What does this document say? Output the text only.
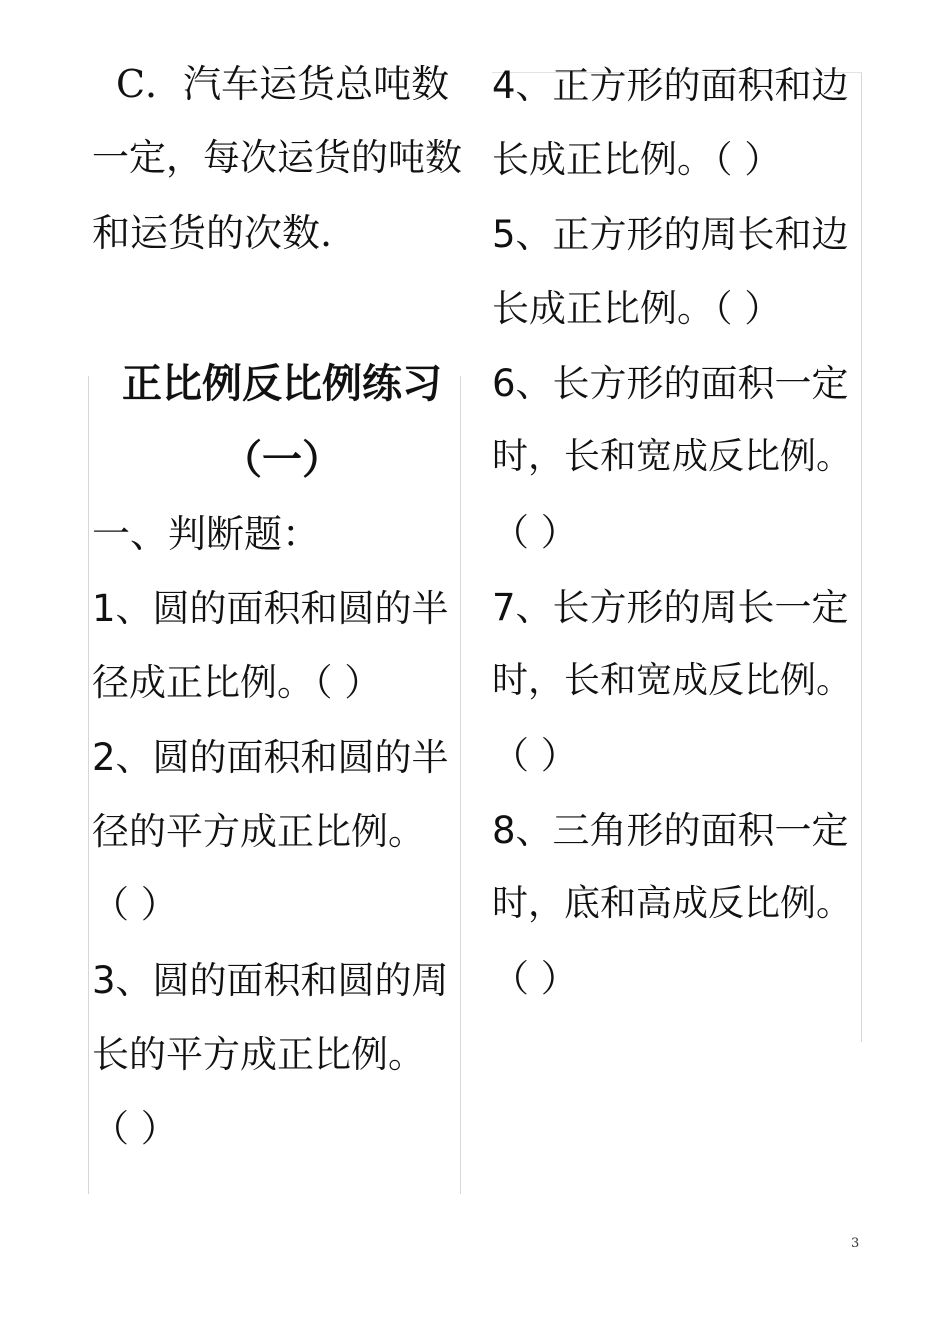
C．汽车运货总吨数
一定，每次运货的吨数
和运货的次数.
正比例反比例练习
（一）
一、判断题：
1、圆的面积和圆的半
径成正比例。（ ）
2、圆的面积和圆的半
径的平方成正比例。
（ ）
3、圆的面积和圆的周
长的平方成正比例。
（ ）
4、正方形的面积和边
长成正比例。（ ）
5、正方形的周长和边
长成正比例。（ ）
6、长方形的面积一定
时，长和宽成反比例。
（ ）
7、长方形的周长一定
时，长和宽成反比例。
（ ）
8、三角形的面积一定
时，底和高成反比例。
（ ）
3
